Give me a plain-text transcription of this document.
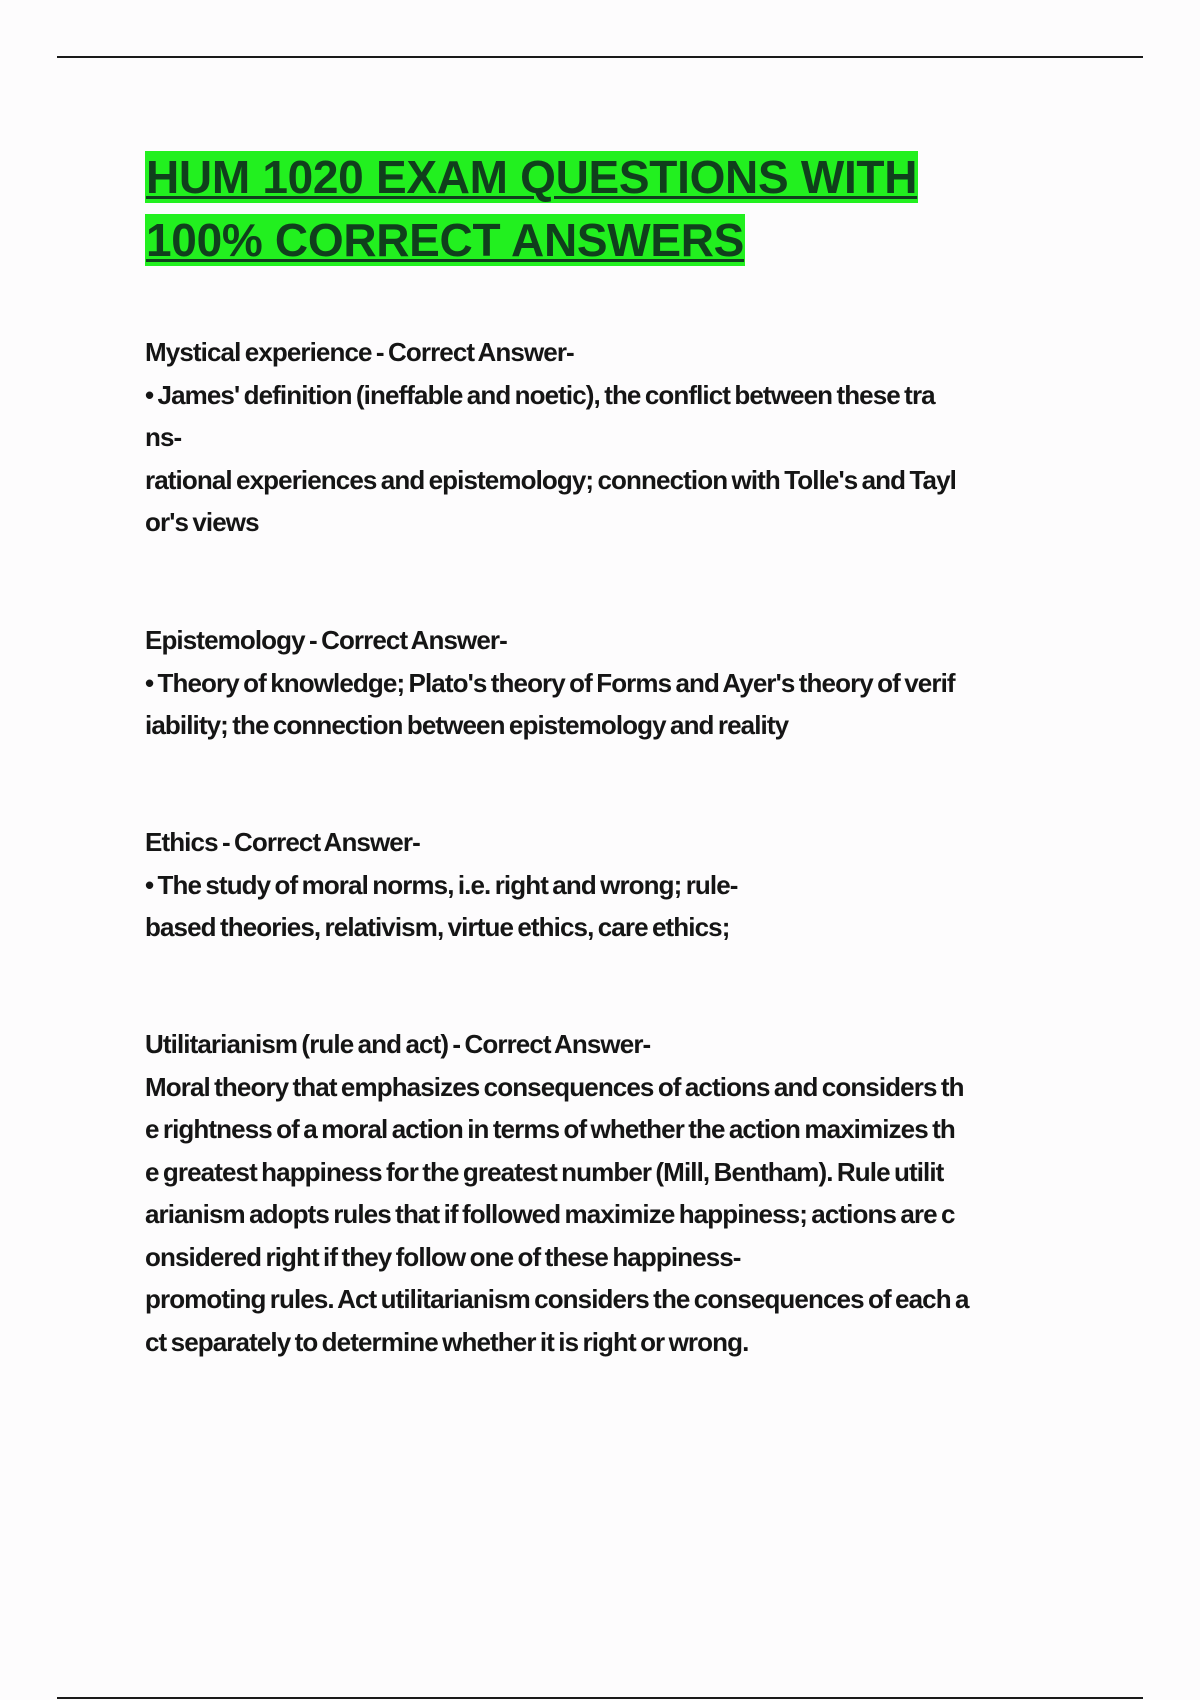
HUM 1020 EXAM QUESTIONS WITH
100% CORRECT ANSWERS
Mystical experience - Correct Answer-
• James' definition (ineffable and noetic), the conflict between these tra
ns-
rational experiences and epistemology; connection with Tolle's and Tayl
or's views
Epistemology - Correct Answer-
• Theory of knowledge; Plato's theory of Forms and Ayer's theory of verif
iability; the connection between epistemology and reality
Ethics - Correct Answer-
• The study of moral norms, i.e. right and wrong; rule-
based theories, relativism, virtue ethics, care ethics;
Utilitarianism (rule and act) - Correct Answer-
Moral theory that emphasizes consequences of actions and considers th
e rightness of a moral action in terms of whether the action maximizes th
e greatest happiness for the greatest number (Mill, Bentham). Rule utilit
arianism adopts rules that if followed maximize happiness; actions are c
onsidered right if they follow one of these happiness-
promoting rules. Act utilitarianism considers the consequences of each a
ct separately to determine whether it is right or wrong.
